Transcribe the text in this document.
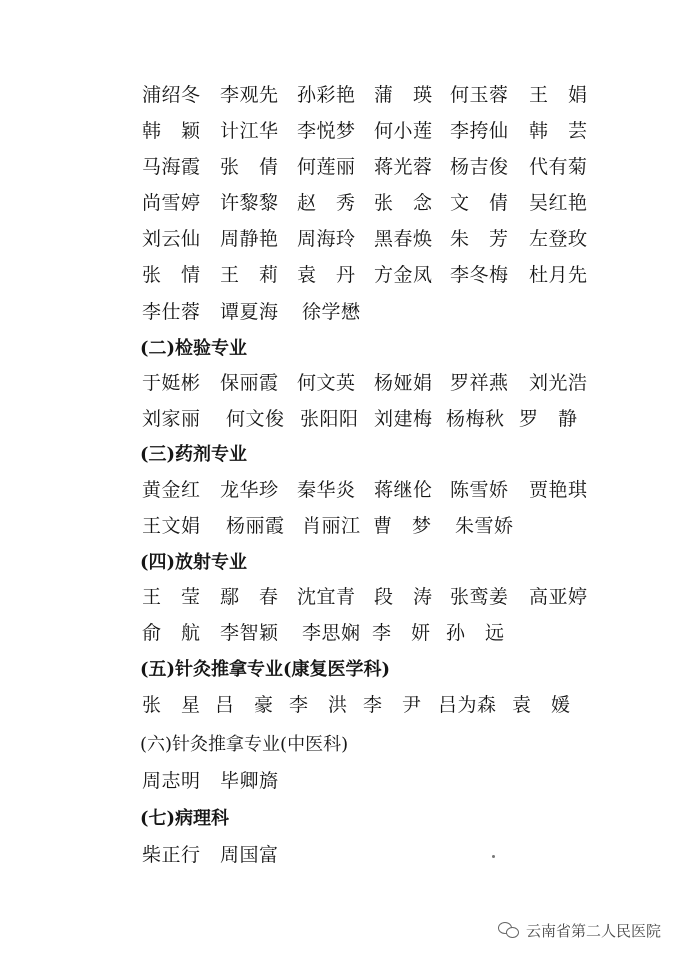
浦绍冬 李观先 孙彩艳 蒲　瑛 何玉蓉 王　娟
韩　颖 计江华 李悦梦 何小莲 李挎仙 韩　芸
马海霞 张　倩 何莲丽 蒋光蓉 杨吉俊 代有菊
尚雪婷 许黎黎 赵　秀 张　念 文　倩 吴红艳
刘云仙 周静艳 周海玲 黑春焕 朱　芳 左登玫
张　情 王　莉 袁　丹 方金凤 李冬梅 杜月先
李仕蓉 谭夏海 徐学懋
(二)检验专业
于娗彬 保丽霞 何文英 杨娅娟 罗祥燕 刘光浩
刘家丽 何文俊 张阳阳 刘建梅 杨梅秋 罗　静
(三)药剂专业
黄金红 龙华珍 秦华炎 蒋继伦 陈雪娇 贾艳琪
王文娟 杨丽霞 肖丽江 曹　梦 朱雪娇
(四)放射专业
王　莹 鄢　春 沈宜青 段　涛 张鸾姜 高亚婷
俞　航 李智颖 李思娴 李　妍 孙　远
(五)针灸推拿专业(康复医学科)
张　星 吕　豪 李　洪 李　尹 吕为森 袁　媛
(六)针灸推拿专业(中医科)
周志明 毕卿旖
(七)病理科
柴正行 周国富
云南省第二人民医院
